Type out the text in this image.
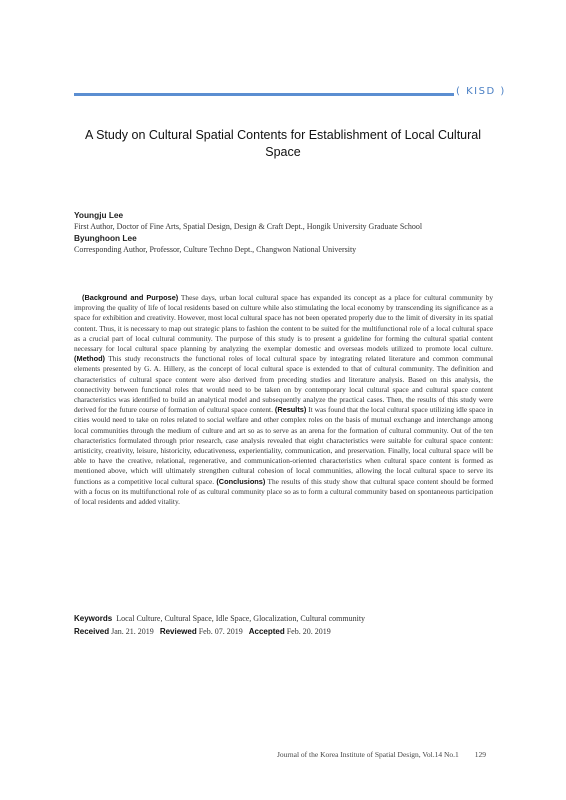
( KISD )
A Study on Cultural Spatial Contents for Establishment of Local Cultural Space
Youngju Lee
First Author, Doctor of Fine Arts, Spatial Design, Design & Craft Dept., Hongik University Graduate School
Byunghoon Lee
Corresponding Author, Professor, Culture Techno Dept., Changwon National University
(Background and Purpose) These days, urban local cultural space has expanded its concept as a place for cultural community by improving the quality of life of local residents based on culture while also stimulating the local economy by transcending its significance as a space for exhibition and creativity. However, most local cultural space has not been operated properly due to the limit of diversity in its spatial content. Thus, it is necessary to map out strategic plans to fashion the content to be suited for the multifunctional role of a local cultural space as a crucial part of local cultural community. The purpose of this study is to present a guideline for forming the cultural spatial content necessary for local cultural space planning by analyzing the exemplar domestic and overseas models utilized to promote local culture. (Method) This study reconstructs the functional roles of local cultural space by integrating related literature and common communal elements presented by G. A. Hillery, as the concept of local cultural space is extended to that of cultural community. The definition and characteristics of cultural space content were also derived from preceding studies and literature analysis. Based on this analysis, the connectivity between functional roles that would need to be taken on by contemporary local cultural space and cultural space content characteristics was identified to build an analytical model and subsequently analyze the practical cases. Then, the results of this study were derived for the future course of formation of cultural space content. (Results) It was found that the local cultural space utilizing idle space in cities would need to take on roles related to social welfare and other complex roles on the basis of mutual exchange and interchange among local communities through the medium of culture and art so as to serve as an arena for the formation of cultural community. Out of the ten characteristics formulated through prior research, case analysis revealed that eight characteristics were suitable for cultural space content: artisticity, creativity, leisure, historicity, educativeness, experientiality, communication, and preservation. Finally, local cultural space will be able to have the creative, relational, regenerative, and communication-oriented characteristics when cultural space content is formed as mentioned above, which will ultimately strengthen cultural cohesion of local communities, allowing the local cultural space to serve its functions as a competitive local cultural space. (Conclusions) The results of this study show that cultural space content should be formed with a focus on its multifunctional role of as cultural community place so as to form a cultural community based on spontaneous participation of local residents and added vitality.
Keywords Local Culture, Cultural Space, Idle Space, Glocalization, Cultural community
Received Jan. 21. 2019 Reviewed Feb. 07. 2019 Accepted Feb. 20. 2019
Journal of the Korea Institute of Spatial Design, Vol.14 No.1 129
